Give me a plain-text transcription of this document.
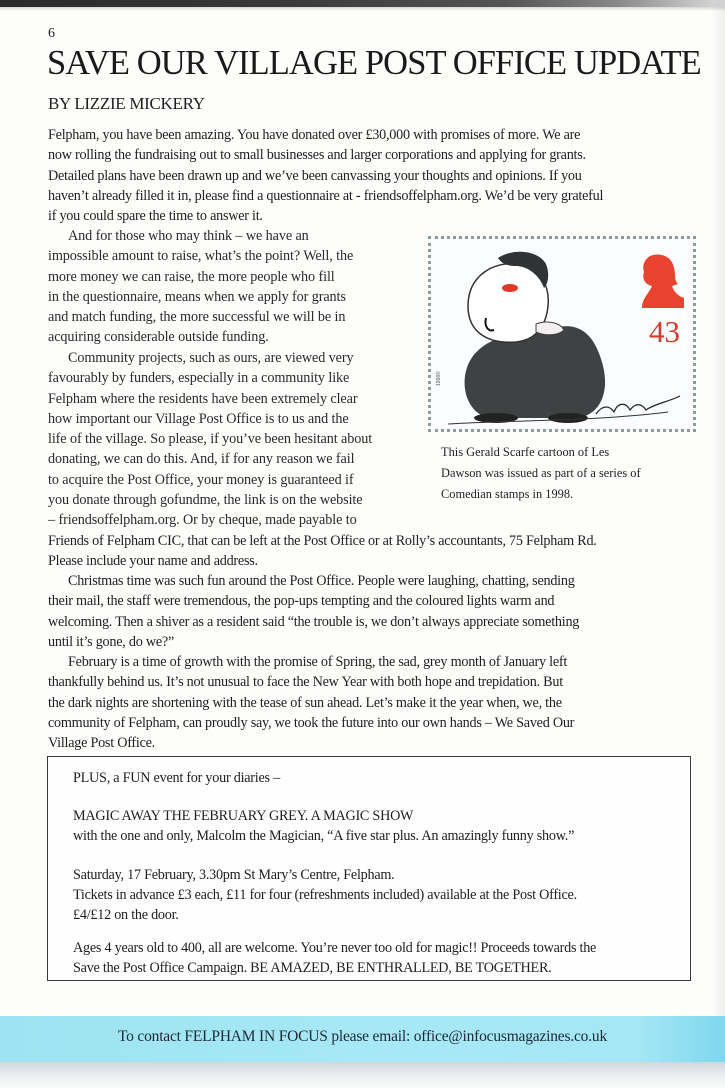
6
SAVE OUR VILLAGE POST OFFICE UPDATE
BY LIZZIE MICKERY
Felpham, you have been amazing. You have donated over £30,000 with promises of more. We are
now rolling the fundraising out to small businesses and larger corporations and applying for grants.
Detailed plans have been drawn up and we’ve been canvassing your thoughts and opinions. If you
haven’t already filled it in, please find a questionnaire at - friendsoffelpham.org. We’d be very grateful
if you could spare the time to answer it.
And for those who may think – we have an
impossible amount to raise, what’s the point? Well, the
more money we can raise, the more people who fill
in the questionnaire, means when we apply for grants
and match funding, the more successful we will be in
acquiring considerable outside funding.
Community projects, such as ours, are viewed very
favourably by funders, especially in a community like
Felpham where the residents have been extremely clear
how important our Village Post Office is to us and the
life of the village. So please, if you’ve been hesitant about
donating, we can do this. And, if for any reason we fail
to acquire the Post Office, your money is guaranteed if
you donate through gofundme, the link is on the website
– friendsoffelpham.org. Or by cheque, made payable to
Friends of Felpham CIC, that can be left at the Post Office or at Rolly’s accountants, 75 Felpham Rd.
Please include your name and address.
Christmas time was such fun around the Post Office. People were laughing, chatting, sending
their mail, the staff were tremendous, the pop-ups tempting and the coloured lights warm and
welcoming. Then a shiver as a resident said “the trouble is, we don’t always appreciate something
until it’s gone, do we?”
February is a time of growth with the promise of Spring, the sad, grey month of January left
thankfully behind us. It’s not unusual to face the New Year with both hope and trepidation. But
the dark nights are shortening with the tease of sun ahead. Let’s make it the year when, we, the
community of Felpham, can proudly say, we took the future into our own hands – We Saved Our
Village Post Office.
43
1998©
This Gerald Scarfe cartoon of Les
Dawson was issued as part of a series of
Comedian stamps in 1998.
PLUS, a FUN event for your diaries –
MAGIC AWAY THE FEBRUARY GREY. A MAGIC SHOW
with the one and only, Malcolm the Magician, “A five star plus. An amazingly funny show.”
Saturday, 17 February, 3.30pm St Mary’s Centre, Felpham.
Tickets in advance £3 each, £11 for four (refreshments included) available at the Post Office.
£4/£12 on the door.
Ages 4 years old to 400, all are welcome. You’re never too old for magic!! Proceeds towards the
Save the Post Office Campaign. BE AMAZED, BE ENTHRALLED, BE TOGETHER.
To contact FELPHAM IN FOCUS please email: office@infocusmagazines.co.uk
